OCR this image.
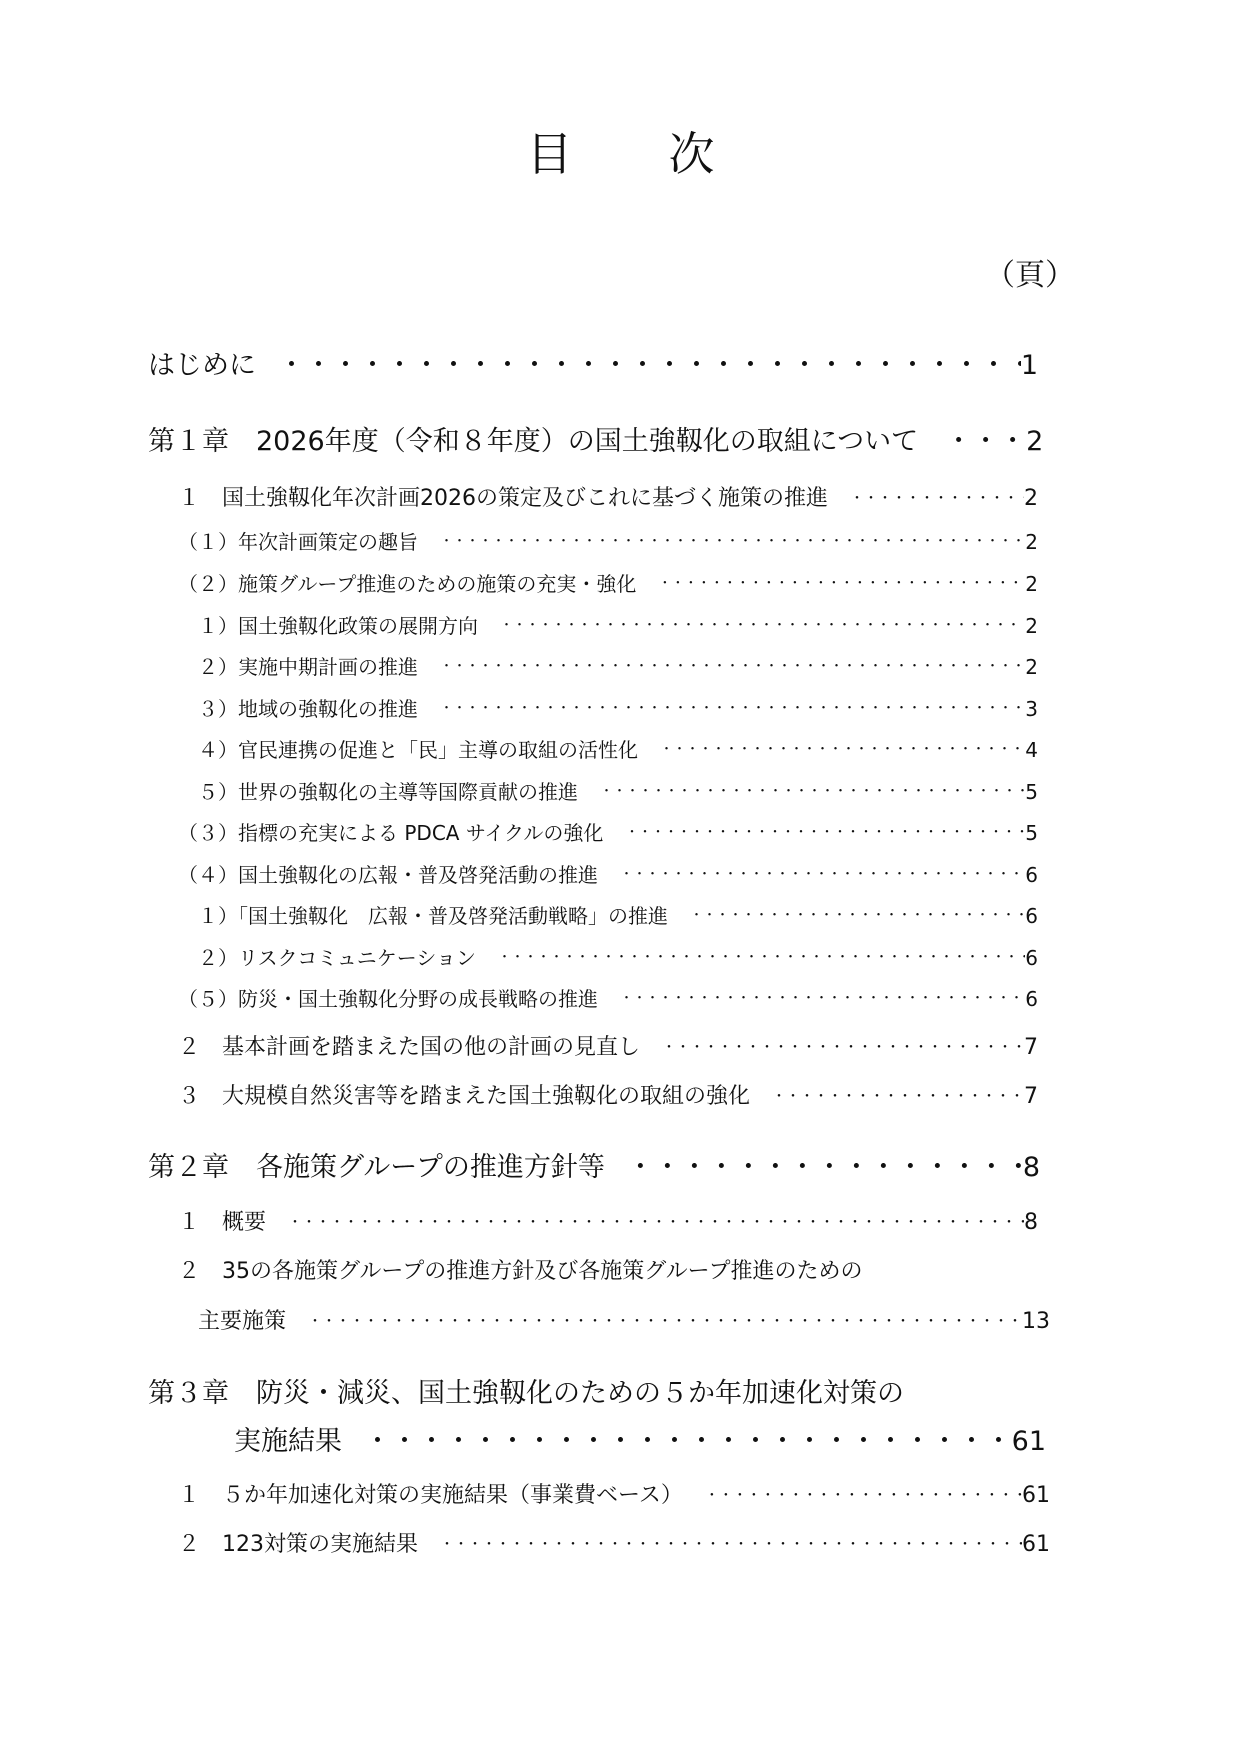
目 次
（頁）
はじめに ・・・・・・・・・・・・・・・・・・・・・・・・・・・・・・・・・・・・・・・・・・・・・・・・・・・・・・・・・・・・・・・・・・・・・・・・・・・・・・・・・・・・・・・・・・・・・・・・	1
第１章　2026年度（令和８年度）の国土強靱化の取組について　・・・ 2
１　国土強靱化年次計画2026の策定及びこれに基づく施策の推進 ・・・・・・・・・・・・・・・・・・・・・・・・・・・・・・・・・・・・・・・・・・・・・・・・・・・・・・・・・・・・・・・・・・・・・・・・・・・・・・・・・・・・・・・・・・・・・・・・	2
（１）年次計画策定の趣旨 ・・・・・・・・・・・・・・・・・・・・・・・・・・・・・・・・・・・・・・・・・・・・・・・・・・・・・・・・・・・・・・・・・・・・・・・・・・・・・・・・・・・・・・・・・・・・・・・・	2
（２）施策グループ推進のための施策の充実・強化 ・・・・・・・・・・・・・・・・・・・・・・・・・・・・・・・・・・・・・・・・・・・・・・・・・・・・・・・・・・・・・・・・・・・・・・・・・・・・・・・・・・・・・・・・・・・・・・・・	2
１）国土強靱化政策の展開方向 ・・・・・・・・・・・・・・・・・・・・・・・・・・・・・・・・・・・・・・・・・・・・・・・・・・・・・・・・・・・・・・・・・・・・・・・・・・・・・・・・・・・・・・・・・・・・・・・・	2
２）実施中期計画の推進 ・・・・・・・・・・・・・・・・・・・・・・・・・・・・・・・・・・・・・・・・・・・・・・・・・・・・・・・・・・・・・・・・・・・・・・・・・・・・・・・・・・・・・・・・・・・・・・・・	2
３）地域の強靱化の推進 ・・・・・・・・・・・・・・・・・・・・・・・・・・・・・・・・・・・・・・・・・・・・・・・・・・・・・・・・・・・・・・・・・・・・・・・・・・・・・・・・・・・・・・・・・・・・・・・・	3
４）官民連携の促進と「民」主導の取組の活性化 ・・・・・・・・・・・・・・・・・・・・・・・・・・・・・・・・・・・・・・・・・・・・・・・・・・・・・・・・・・・・・・・・・・・・・・・・・・・・・・・・・・・・・・・・・・・・・・・・	4
５）世界の強靱化の主導等国際貢献の推進 ・・・・・・・・・・・・・・・・・・・・・・・・・・・・・・・・・・・・・・・・・・・・・・・・・・・・・・・・・・・・・・・・・・・・・・・・・・・・・・・・・・・・・・・・・・・・・・・・	5
（３）指標の充実による PDCA サイクルの強化 ・・・・・・・・・・・・・・・・・・・・・・・・・・・・・・・・・・・・・・・・・・・・・・・・・・・・・・・・・・・・・・・・・・・・・・・・・・・・・・・・・・・・・・・・・・・・・・・・	5
（４）国土強靱化の広報・普及啓発活動の推進 ・・・・・・・・・・・・・・・・・・・・・・・・・・・・・・・・・・・・・・・・・・・・・・・・・・・・・・・・・・・・・・・・・・・・・・・・・・・・・・・・・・・・・・・・・・・・・・・・	6
１）「国土強靱化　広報・普及啓発活動戦略」の推進 ・・・・・・・・・・・・・・・・・・・・・・・・・・・・・・・・・・・・・・・・・・・・・・・・・・・・・・・・・・・・・・・・・・・・・・・・・・・・・・・・・・・・・・・・・・・・・・・・	6
２）リスクコミュニケーション ・・・・・・・・・・・・・・・・・・・・・・・・・・・・・・・・・・・・・・・・・・・・・・・・・・・・・・・・・・・・・・・・・・・・・・・・・・・・・・・・・・・・・・・・・・・・・・・・	6
（５）防災・国土強靱化分野の成長戦略の推進 ・・・・・・・・・・・・・・・・・・・・・・・・・・・・・・・・・・・・・・・・・・・・・・・・・・・・・・・・・・・・・・・・・・・・・・・・・・・・・・・・・・・・・・・・・・・・・・・・	6
２　基本計画を踏まえた国の他の計画の見直し ・・・・・・・・・・・・・・・・・・・・・・・・・・・・・・・・・・・・・・・・・・・・・・・・・・・・・・・・・・・・・・・・・・・・・・・・・・・・・・・・・・・・・・・・・・・・・・・・	7
３　大規模自然災害等を踏まえた国土強靱化の取組の強化 ・・・・・・・・・・・・・・・・・・・・・・・・・・・・・・・・・・・・・・・・・・・・・・・・・・・・・・・・・・・・・・・・・・・・・・・・・・・・・・・・・・・・・・・・・・・・・・・・	7
第２章　各施策グループの推進方針等 ・・・・・・・・・・・・・・・・・・・・・・・・・・・・・・・・・・・・・・・・・・・・・・・・・・・・・・・・・・・・・・・・・・・・・・・・・・・・・・・・・・・・・・・・・・・・・・・・	8
１　概要 ・・・・・・・・・・・・・・・・・・・・・・・・・・・・・・・・・・・・・・・・・・・・・・・・・・・・・・・・・・・・・・・・・・・・・・・・・・・・・・・・・・・・・・・・・・・・・・・・	8
２　35の各施策グループの推進方針及び各施策グループ推進のための
主要施策 ・・・・・・・・・・・・・・・・・・・・・・・・・・・・・・・・・・・・・・・・・・・・・・・・・・・・・・・・・・・・・・・・・・・・・・・・・・・・・・・・・・・・・・・・・・・・・・・・	13
第３章　防災・減災、国土強靱化のための５か年加速化対策の
実施結果 ・・・・・・・・・・・・・・・・・・・・・・・・・・・・・・・・・・・・・・・・・・・・・・・・・・・・・・・・・・・・・・・・・・・・・・・・・・・・・・・・・・・・・・・・・・・・・・・・	61
１　５か年加速化対策の実施結果（事業費ベース） ・・・・・・・・・・・・・・・・・・・・・・・・・・・・・・・・・・・・・・・・・・・・・・・・・・・・・・・・・・・・・・・・・・・・・・・・・・・・・・・・・・・・・・・・・・・・・・・・	61
２　123対策の実施結果 ・・・・・・・・・・・・・・・・・・・・・・・・・・・・・・・・・・・・・・・・・・・・・・・・・・・・・・・・・・・・・・・・・・・・・・・・・・・・・・・・・・・・・・・・・・・・・・・・	61
